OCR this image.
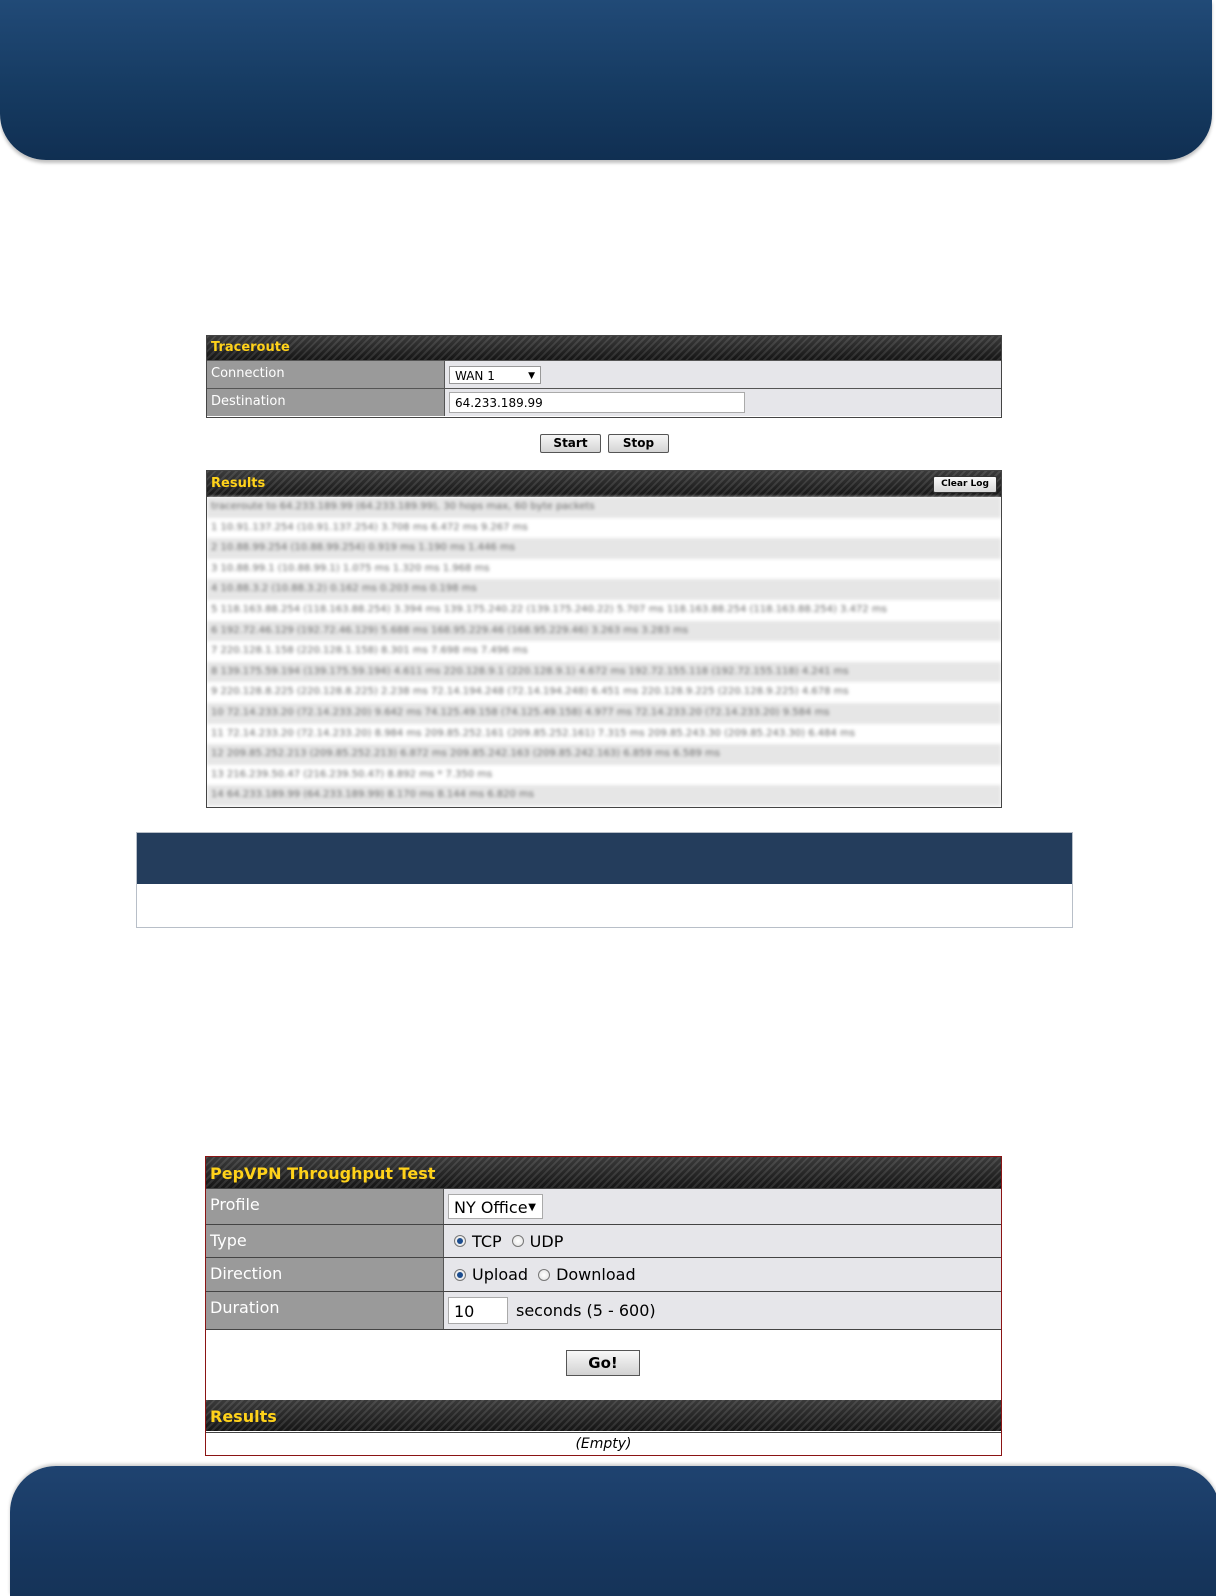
Traceroute
Connection	WAN 1	▼
Destination	64.233.189.99
Start	Stop
Results	Clear Log
traceroute to 64.233.189.99 (64.233.189.99), 30 hops max, 60 byte packets
1 10.91.137.254 (10.91.137.254) 3.708 ms 6.472 ms 9.267 ms
2 10.88.99.254 (10.88.99.254) 0.919 ms 1.190 ms 1.446 ms
3 10.88.99.1 (10.88.99.1) 1.075 ms 1.320 ms 1.968 ms
4 10.88.3.2 (10.88.3.2) 0.162 ms 0.203 ms 0.198 ms
5 118.163.88.254 (118.163.88.254) 3.394 ms 139.175.240.22 (139.175.240.22) 5.707 ms 118.163.88.254 (118.163.88.254) 3.472 ms
6 192.72.46.129 (192.72.46.129) 5.688 ms 168.95.229.46 (168.95.229.46) 3.263 ms 3.283 ms
7 220.128.1.158 (220.128.1.158) 8.301 ms 7.698 ms 7.496 ms
8 139.175.59.194 (139.175.59.194) 4.611 ms 220.128.9.1 (220.128.9.1) 4.672 ms 192.72.155.118 (192.72.155.118) 4.241 ms
9 220.128.8.225 (220.128.8.225) 2.238 ms 72.14.194.248 (72.14.194.248) 6.451 ms 220.128.9.225 (220.128.9.225) 4.678 ms
10 72.14.233.20 (72.14.233.20) 9.642 ms 74.125.49.158 (74.125.49.158) 4.977 ms 72.14.233.20 (72.14.233.20) 9.584 ms
11 72.14.233.20 (72.14.233.20) 8.984 ms 209.85.252.161 (209.85.252.161) 7.315 ms 209.85.243.30 (209.85.243.30) 6.484 ms
12 209.85.252.213 (209.85.252.213) 6.872 ms 209.85.242.163 (209.85.242.163) 6.859 ms 6.589 ms
13 216.239.50.47 (216.239.50.47) 8.892 ms * 7.350 ms
14 64.233.189.99 (64.233.189.99) 8.170 ms 8.144 ms 6.820 ms
PepVPN Throughput Test
Profile	NY Office ▼
Type	TCP UDP
Direction	Upload Download
Duration	10	seconds (5 - 600)
Results
(Empty)
Go!
